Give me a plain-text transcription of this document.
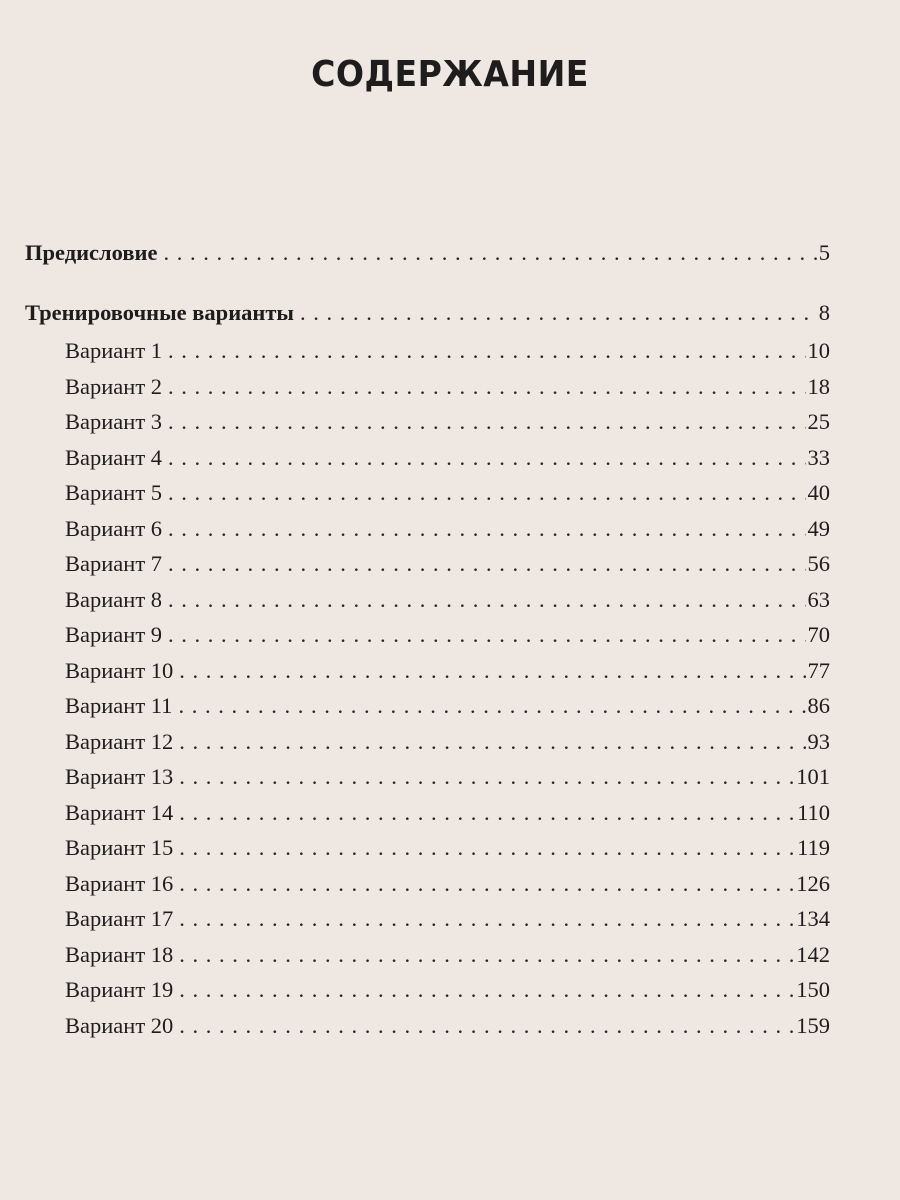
СОДЕРЖАНИЕ
Предисловие . . .	5
Тренировочные варианты . . .	8
Вариант 1 . . .	10
Вариант 2 . . .	18
Вариант 3 . . .	25
Вариант 4 . . .	33
Вариант 5 . . .	40
Вариант 6 . . .	49
Вариант 7 . . .	56
Вариант 8 . . .	63
Вариант 9 . . .	70
Вариант 10 . . .	77
Вариант 11 . . .	86
Вариант 12 . . .	93
Вариант 13 . . .	101
Вариант 14 . . .	110
Вариант 15 . . .	119
Вариант 16 . . .	126
Вариант 17 . . .	134
Вариант 18 . . .	142
Вариант 19 . . .	150
Вариант 20 . . .	159
